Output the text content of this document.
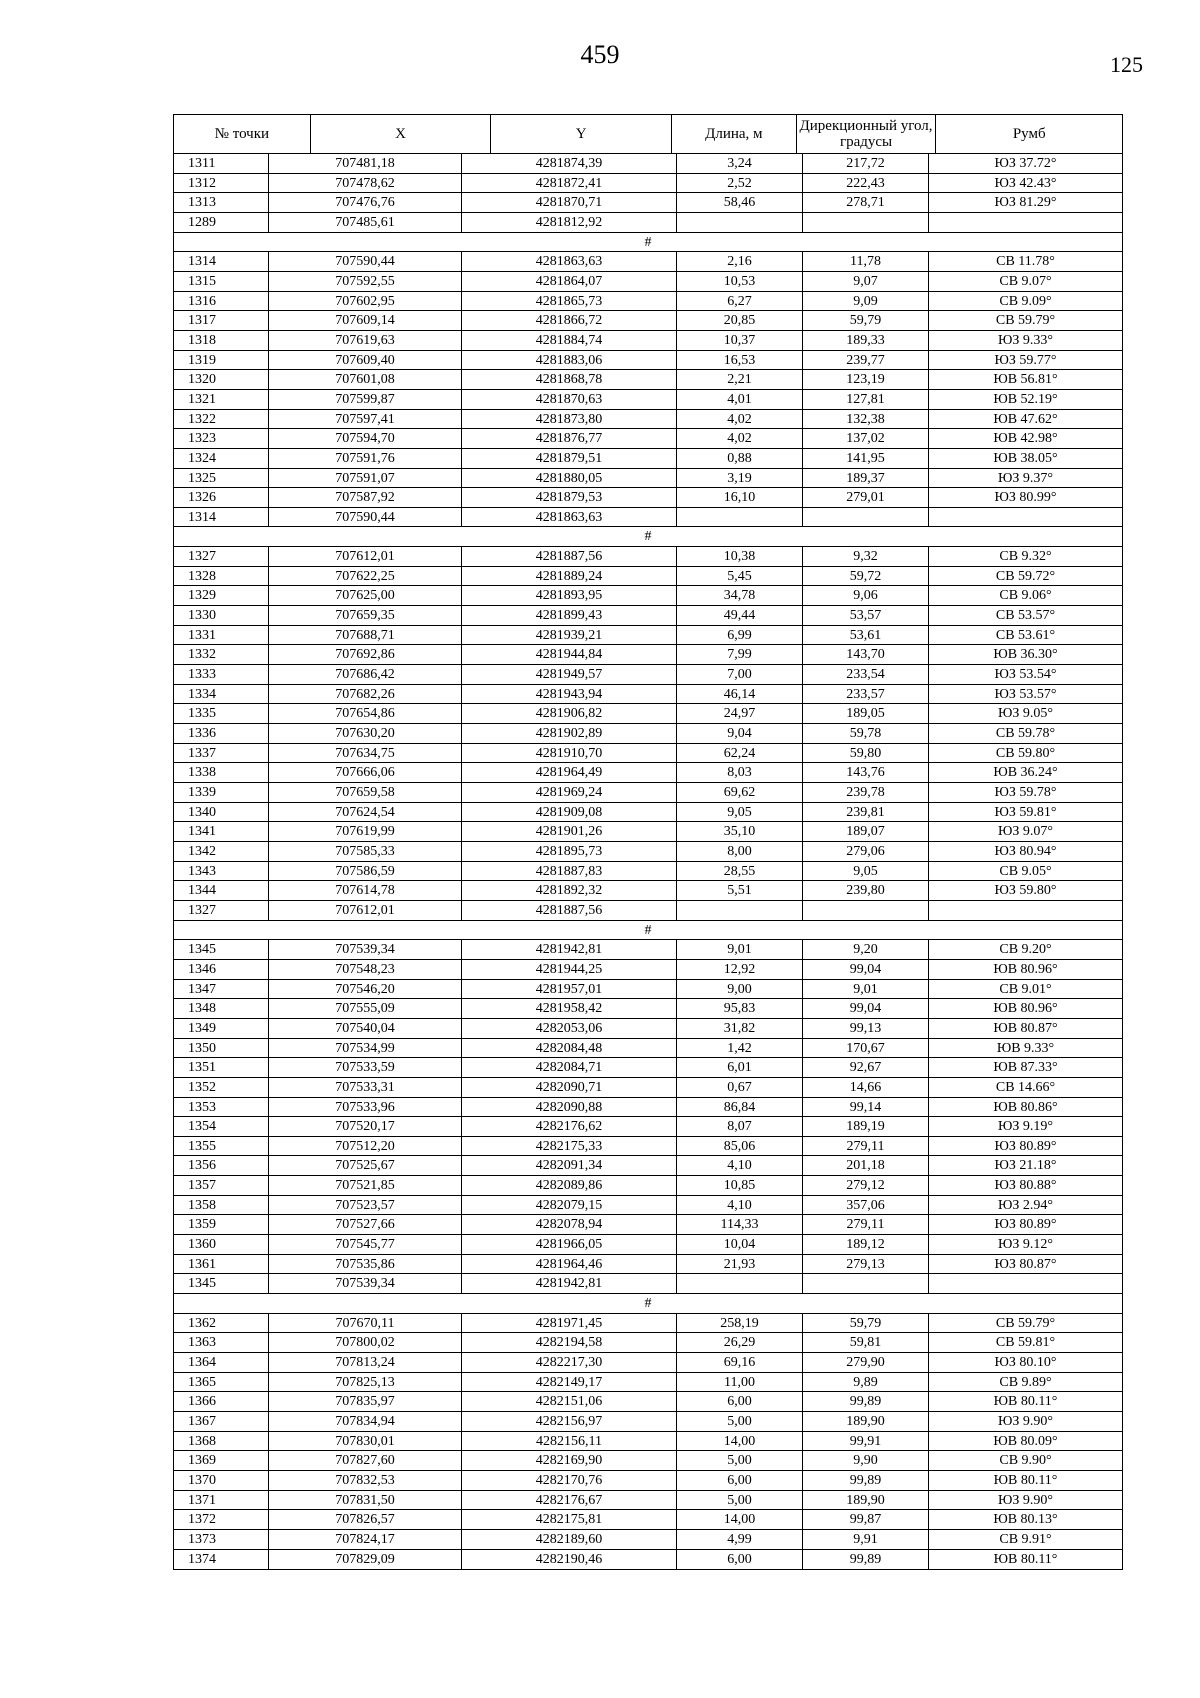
459	125
№ точки	X	Y	Длина, м	Дирекционный угол, градусы	Румб
1311	707481,18	4281874,39	3,24	217,72	ЮЗ 37.72°
1312	707478,62	4281872,41	2,52	222,43	ЮЗ 42.43°
1313	707476,76	4281870,71	58,46	278,71	ЮЗ 81.29°
1289	707485,61	4281812,92
#
1314	707590,44	4281863,63	2,16	11,78	СВ 11.78°
1315	707592,55	4281864,07	10,53	9,07	СВ 9.07°
1316	707602,95	4281865,73	6,27	9,09	СВ 9.09°
1317	707609,14	4281866,72	20,85	59,79	СВ 59.79°
1318	707619,63	4281884,74	10,37	189,33	ЮЗ 9.33°
1319	707609,40	4281883,06	16,53	239,77	ЮЗ 59.77°
1320	707601,08	4281868,78	2,21	123,19	ЮВ 56.81°
1321	707599,87	4281870,63	4,01	127,81	ЮВ 52.19°
1322	707597,41	4281873,80	4,02	132,38	ЮВ 47.62°
1323	707594,70	4281876,77	4,02	137,02	ЮВ 42.98°
1324	707591,76	4281879,51	0,88	141,95	ЮВ 38.05°
1325	707591,07	4281880,05	3,19	189,37	ЮЗ 9.37°
1326	707587,92	4281879,53	16,10	279,01	ЮЗ 80.99°
1314	707590,44	4281863,63
#
1327	707612,01	4281887,56	10,38	9,32	СВ 9.32°
1328	707622,25	4281889,24	5,45	59,72	СВ 59.72°
1329	707625,00	4281893,95	34,78	9,06	СВ 9.06°
1330	707659,35	4281899,43	49,44	53,57	СВ 53.57°
1331	707688,71	4281939,21	6,99	53,61	СВ 53.61°
1332	707692,86	4281944,84	7,99	143,70	ЮВ 36.30°
1333	707686,42	4281949,57	7,00	233,54	ЮЗ 53.54°
1334	707682,26	4281943,94	46,14	233,57	ЮЗ 53.57°
1335	707654,86	4281906,82	24,97	189,05	ЮЗ 9.05°
1336	707630,20	4281902,89	9,04	59,78	СВ 59.78°
1337	707634,75	4281910,70	62,24	59,80	СВ 59.80°
1338	707666,06	4281964,49	8,03	143,76	ЮВ 36.24°
1339	707659,58	4281969,24	69,62	239,78	ЮЗ 59.78°
1340	707624,54	4281909,08	9,05	239,81	ЮЗ 59.81°
1341	707619,99	4281901,26	35,10	189,07	ЮЗ 9.07°
1342	707585,33	4281895,73	8,00	279,06	ЮЗ 80.94°
1343	707586,59	4281887,83	28,55	9,05	СВ 9.05°
1344	707614,78	4281892,32	5,51	239,80	ЮЗ 59.80°
1327	707612,01	4281887,56
#
1345	707539,34	4281942,81	9,01	9,20	СВ 9.20°
1346	707548,23	4281944,25	12,92	99,04	ЮВ 80.96°
1347	707546,20	4281957,01	9,00	9,01	СВ 9.01°
1348	707555,09	4281958,42	95,83	99,04	ЮВ 80.96°
1349	707540,04	4282053,06	31,82	99,13	ЮВ 80.87°
1350	707534,99	4282084,48	1,42	170,67	ЮВ 9.33°
1351	707533,59	4282084,71	6,01	92,67	ЮВ 87.33°
1352	707533,31	4282090,71	0,67	14,66	СВ 14.66°
1353	707533,96	4282090,88	86,84	99,14	ЮВ 80.86°
1354	707520,17	4282176,62	8,07	189,19	ЮЗ 9.19°
1355	707512,20	4282175,33	85,06	279,11	ЮЗ 80.89°
1356	707525,67	4282091,34	4,10	201,18	ЮЗ 21.18°
1357	707521,85	4282089,86	10,85	279,12	ЮЗ 80.88°
1358	707523,57	4282079,15	4,10	357,06	ЮЗ 2.94°
1359	707527,66	4282078,94	114,33	279,11	ЮЗ 80.89°
1360	707545,77	4281966,05	10,04	189,12	ЮЗ 9.12°
1361	707535,86	4281964,46	21,93	279,13	ЮЗ 80.87°
1345	707539,34	4281942,81
#
1362	707670,11	4281971,45	258,19	59,79	СВ 59.79°
1363	707800,02	4282194,58	26,29	59,81	СВ 59.81°
1364	707813,24	4282217,30	69,16	279,90	ЮЗ 80.10°
1365	707825,13	4282149,17	11,00	9,89	СВ 9.89°
1366	707835,97	4282151,06	6,00	99,89	ЮВ 80.11°
1367	707834,94	4282156,97	5,00	189,90	ЮЗ 9.90°
1368	707830,01	4282156,11	14,00	99,91	ЮВ 80.09°
1369	707827,60	4282169,90	5,00	9,90	СВ 9.90°
1370	707832,53	4282170,76	6,00	99,89	ЮВ 80.11°
1371	707831,50	4282176,67	5,00	189,90	ЮЗ 9.90°
1372	707826,57	4282175,81	14,00	99,87	ЮВ 80.13°
1373	707824,17	4282189,60	4,99	9,91	СВ 9.91°
1374	707829,09	4282190,46	6,00	99,89	ЮВ 80.11°
